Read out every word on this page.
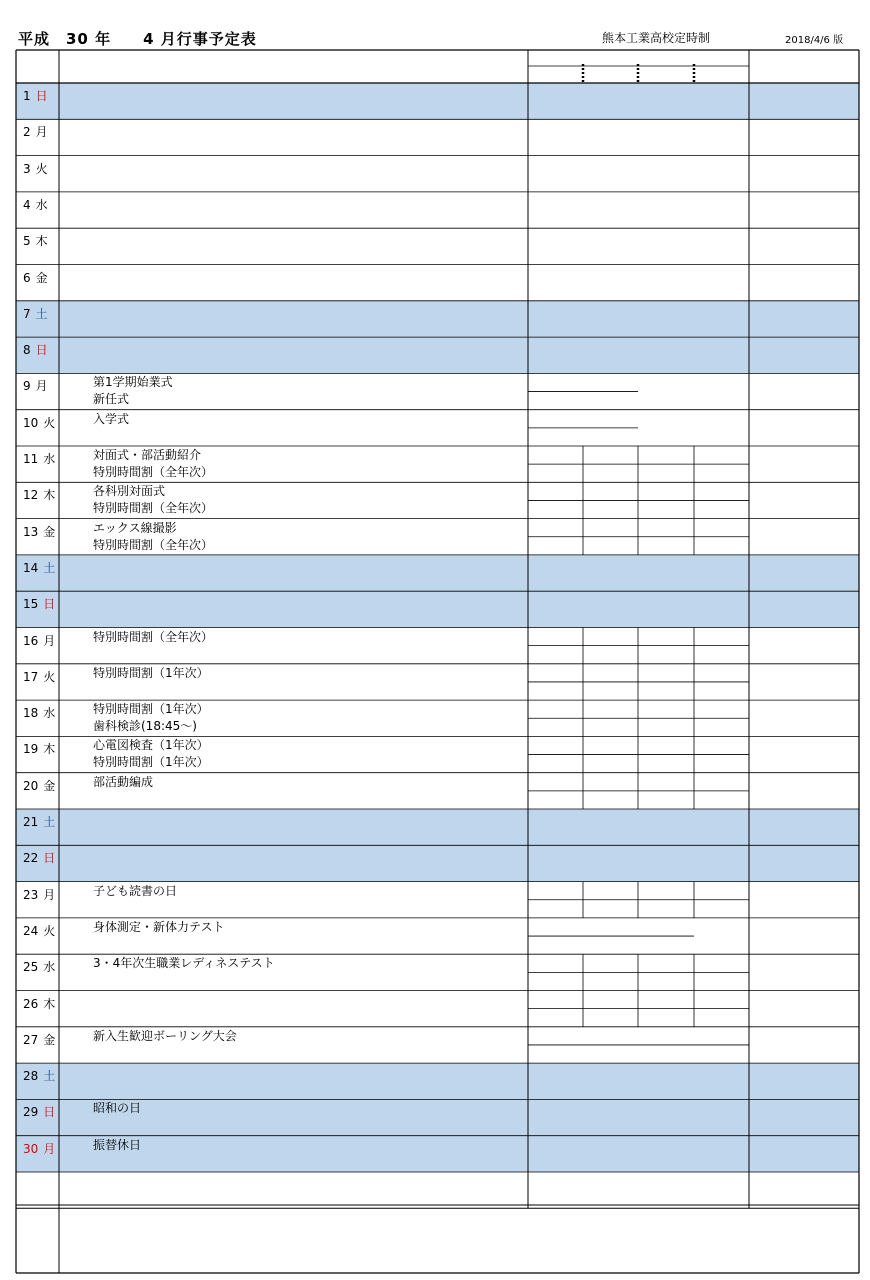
平成　30 年　　4 月行事予定表	熊本工業高校定時制	2018/4/6 版
1 日
2 月
3 火
4 水
5 木
6 金
7 土
8 日
9 月	第1学期始業式
新任式
10 火	入学式
11 水	対面式・部活動紹介
特別時間割（全年次）
12 木	各科別対面式
特別時間割（全年次）
13 金	エックス線撮影
特別時間割（全年次）
14 土
15 日
16 月	特別時間割（全年次）
17 火	特別時間割（1年次）
18 水	特別時間割（1年次）
歯科検診(18:45～)
19 木	心電図検査（1年次）
特別時間割（1年次）
20 金	部活動編成
21 土
22 日
23 月	子ども読書の日
24 火	身体測定・新体力テスト
25 水	3・4年次生職業レディネステスト
26 木
27 金	新入生歓迎ボーリング大会
28 土
29 日	昭和の日
30 月	振替休日
